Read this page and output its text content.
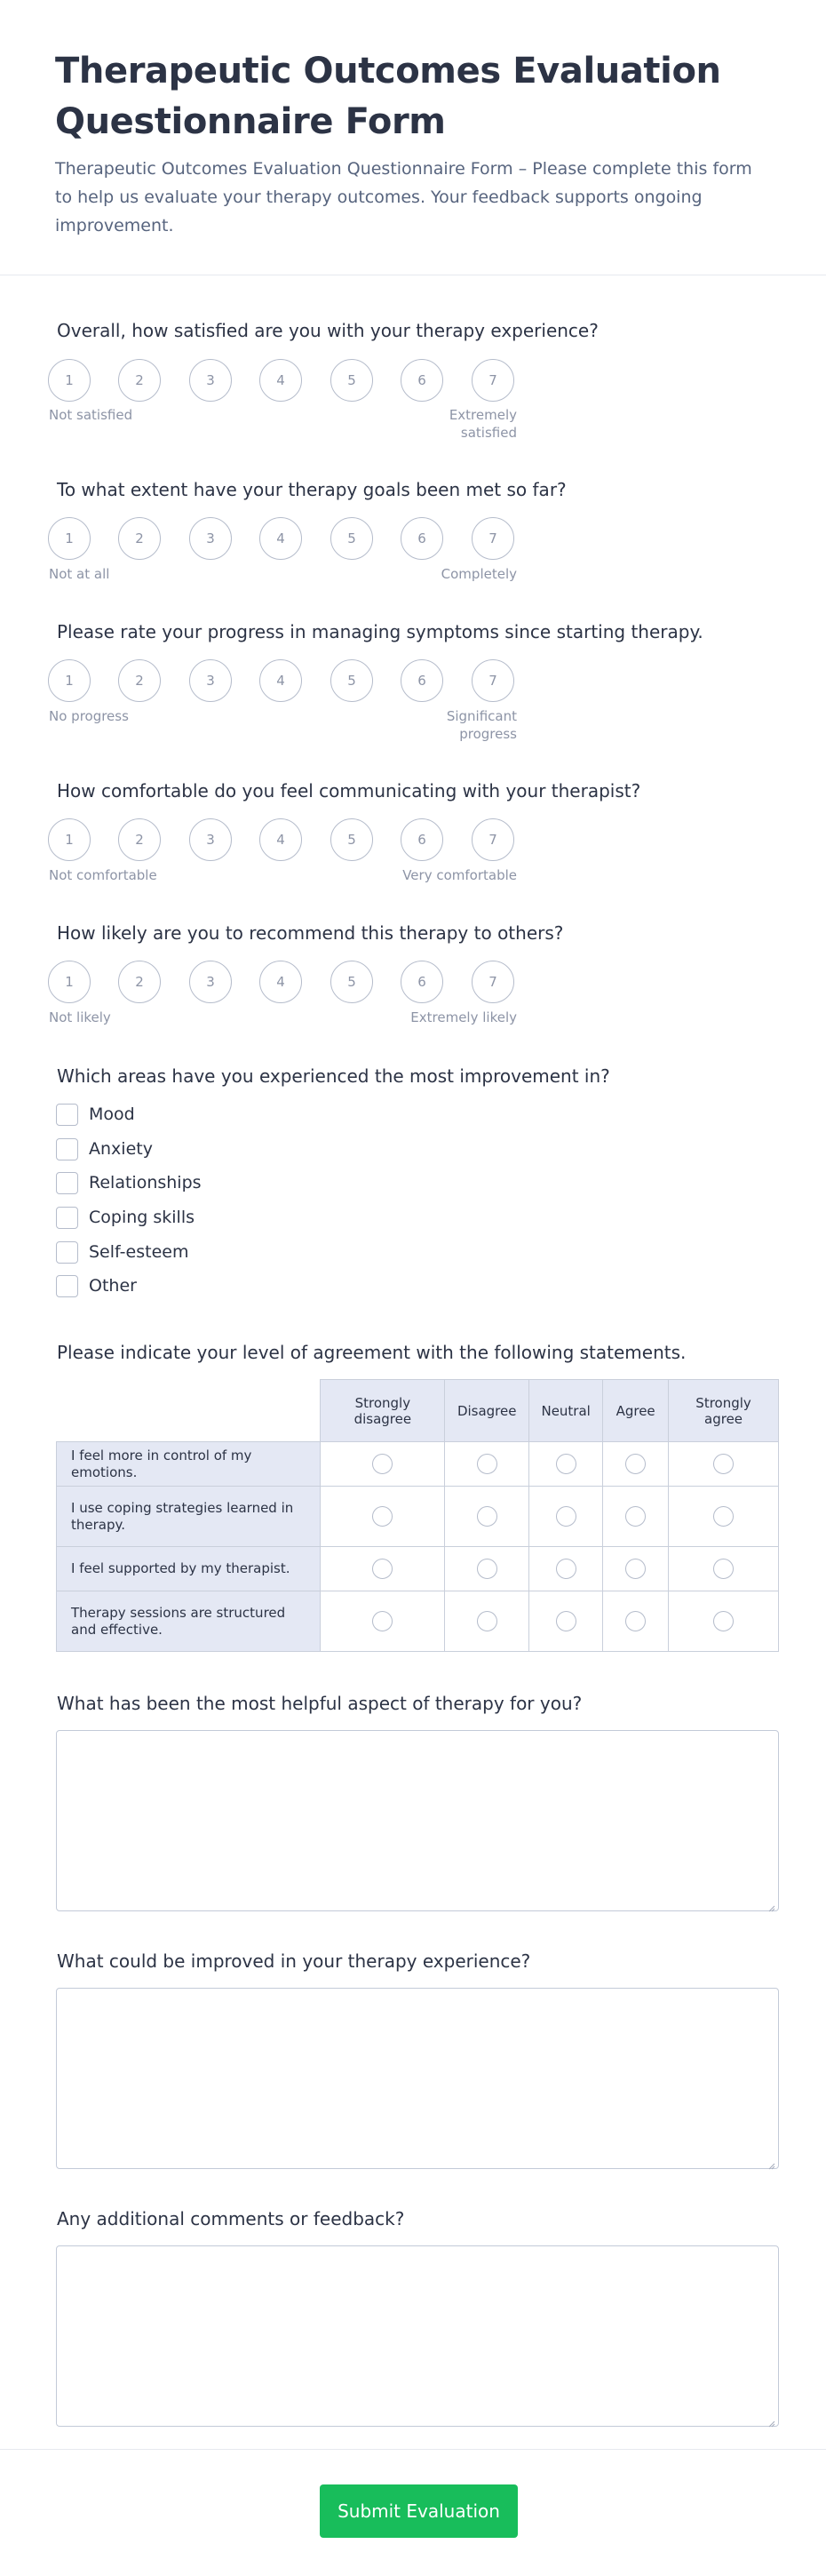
Therapeutic Outcomes Evaluation Questionnaire Form

Therapeutic Outcomes Evaluation Questionnaire Form – Please complete this form to help us evaluate your therapy outcomes. Your feedback supports ongoing improvement.

Overall, how satisfied are you with your therapy experience?
1	2	3	4	5	6	7
Not satisfied	Extremely satisfied
To what extent have your therapy goals been met so far?
1	2	3	4	5	6	7
Not at all	Completely
Please rate your progress in managing symptoms since starting therapy.
1	2	3	4	5	6	7
No progress	Significant progress
How comfortable do you feel communicating with your therapist?
1	2	3	4	5	6	7
Not comfortable	Very comfortable
How likely are you to recommend this therapy to others?
1	2	3	4	5	6	7
Not likely	Extremely likely
Which areas have you experienced the most improvement in?
Mood
Anxiety
Relationships
Coping skills
Self-esteem
Other
Please indicate your level of agreement with the following statements.
	Strongly disagree	Disagree	Neutral	Agree	Strongly agree
I feel more in control of my emotions.					
I use coping strategies learned in therapy.					
I feel supported by my therapist.					
Therapy sessions are structured and effective.					
What has been the most helpful aspect of therapy for you?
What could be improved in your therapy experience?
Any additional comments or feedback?
Submit Evaluation
